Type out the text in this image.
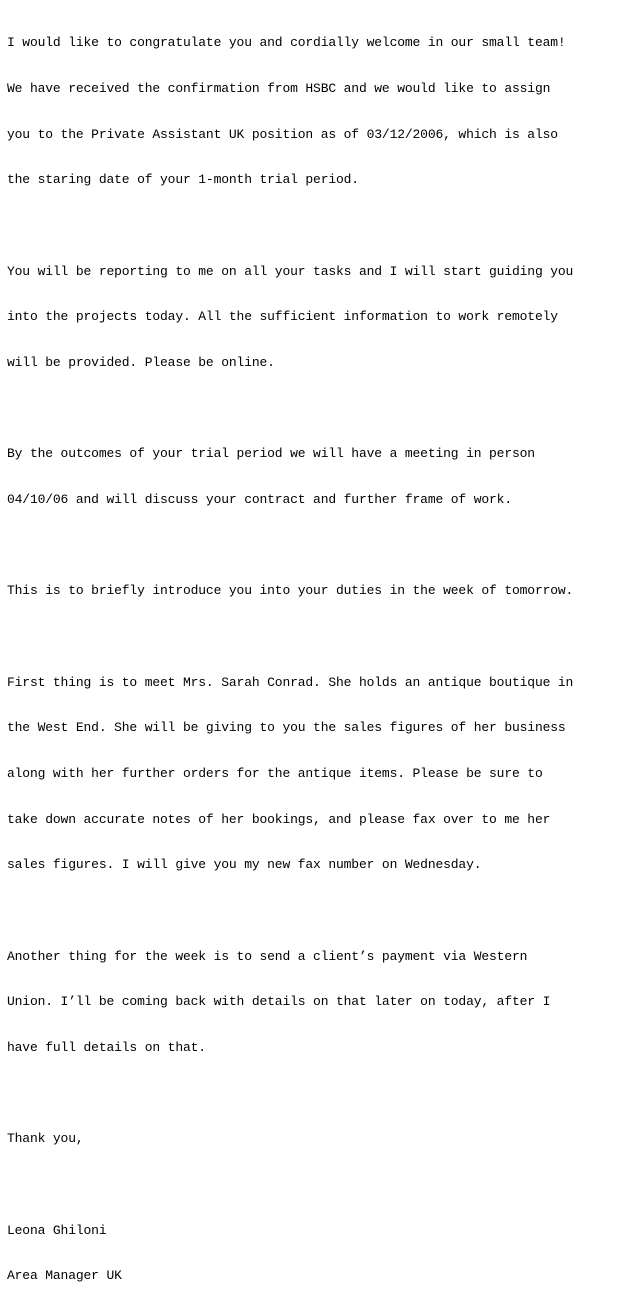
I would like to congratulate you and cordially welcome in our small team!

We have received the confirmation from HSBC and we would like to assign

you to the Private Assistant UK position as of 03/12/2006, which is also

the staring date of your 1-month trial period.

You will be reporting to me on all your tasks and I will start guiding you

into the projects today. All the sufficient information to work remotely

will be provided. Please be online.

By the outcomes of your trial period we will have a meeting in person

04/10/06 and will discuss your contract and further frame of work.

This is to briefly introduce you into your duties in the week of tomorrow.

First thing is to meet Mrs. Sarah Conrad. She holds an antique boutique in

the West End. She will be giving to you the sales figures of her business

along with her further orders for the antique items. Please be sure to

take down accurate notes of her bookings, and please fax over to me her

sales figures. I will give you my new fax number on Wednesday.

Another thing for the week is to send a client’s payment via Western

Union. I’ll be coming back with details on that later on today, after I

have full details on that.

Thank you,

Leona Ghiloni

Area Manager UK
